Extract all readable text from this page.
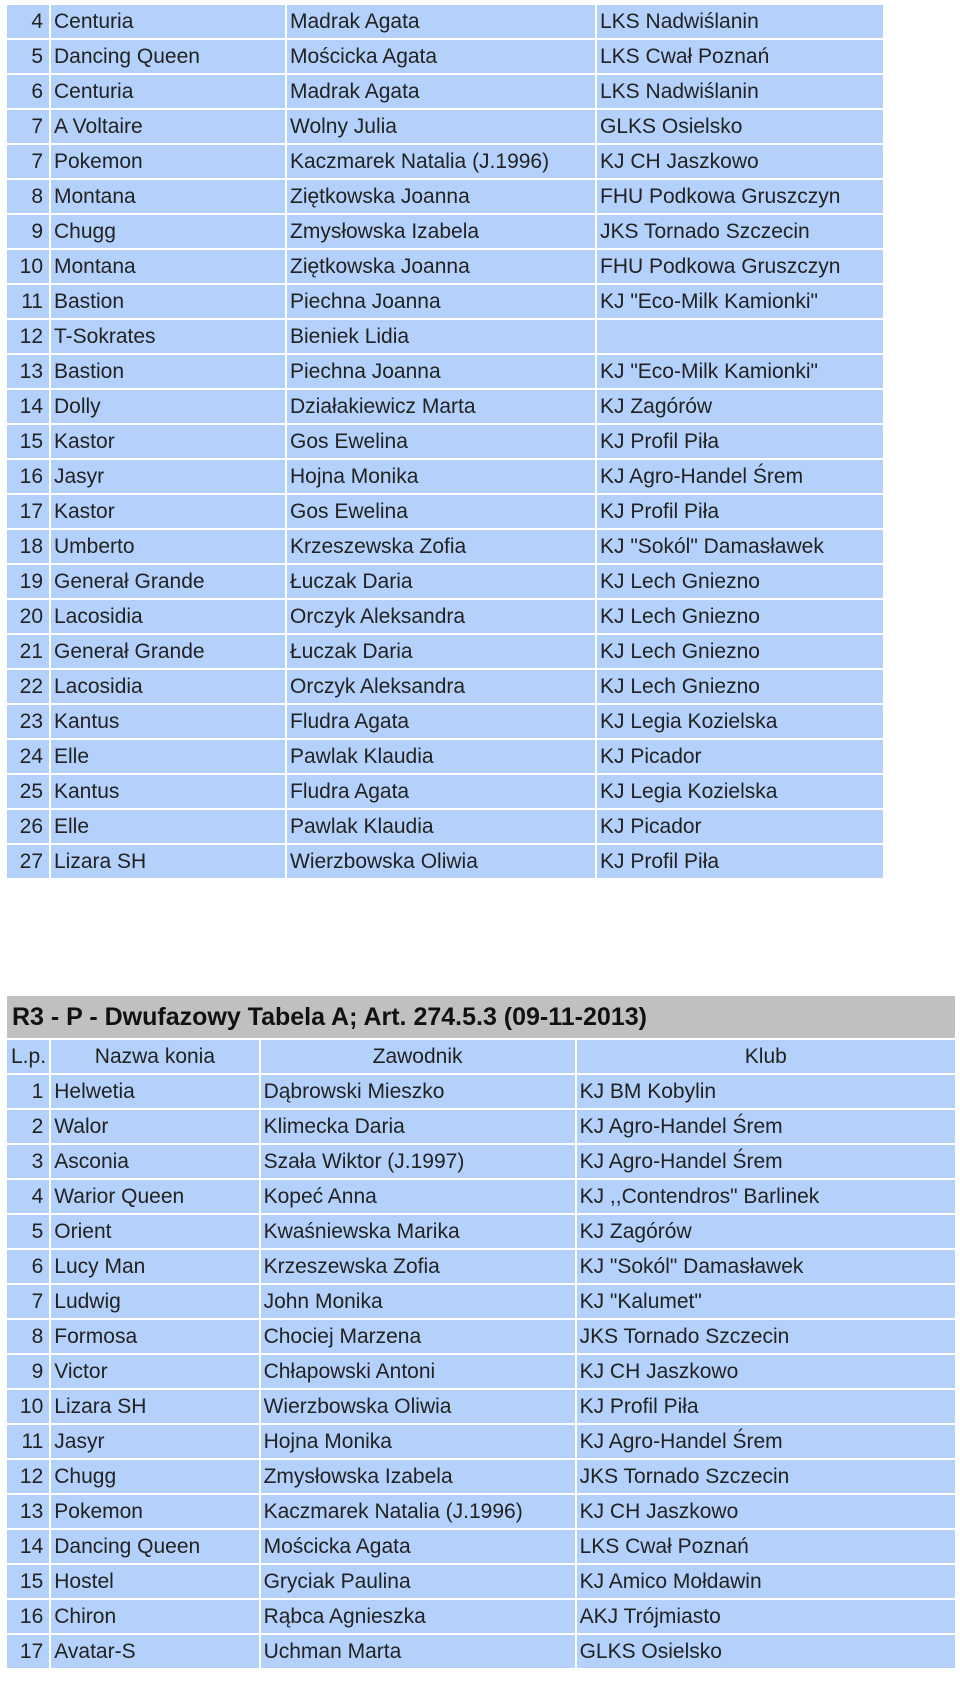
4	Centuria	Madrak Agata	LKS Nadwiślanin
5	Dancing Queen	Mościcka Agata	LKS Cwał Poznań
6	Centuria	Madrak Agata	LKS Nadwiślanin
7	A Voltaire	Wolny Julia	GLKS Osielsko
7	Pokemon	Kaczmarek Natalia (J.1996)	KJ CH Jaszkowo
8	Montana	Ziętkowska Joanna	FHU Podkowa Gruszczyn
9	Chugg	Zmysłowska Izabela	JKS Tornado Szczecin
10	Montana	Ziętkowska Joanna	FHU Podkowa Gruszczyn
11	Bastion	Piechna Joanna	KJ "Eco-Milk Kamionki"
12	T-Sokrates	Bieniek Lidia	
13	Bastion	Piechna Joanna	KJ "Eco-Milk Kamionki"
14	Dolly	Działakiewicz Marta	KJ Zagórów
15	Kastor	Gos Ewelina	KJ Profil Piła
16	Jasyr	Hojna Monika	KJ Agro-Handel Śrem
17	Kastor	Gos Ewelina	KJ Profil Piła
18	Umberto	Krzeszewska Zofia	KJ "Sokól" Damasławek
19	Generał Grande	Łuczak Daria	KJ Lech Gniezno
20	Lacosidia	Orczyk Aleksandra	KJ Lech Gniezno
21	Generał Grande	Łuczak Daria	KJ Lech Gniezno
22	Lacosidia	Orczyk Aleksandra	KJ Lech Gniezno
23	Kantus	Fludra Agata	KJ Legia Kozielska
24	Elle	Pawlak Klaudia	KJ Picador
25	Kantus	Fludra Agata	KJ Legia Kozielska
26	Elle	Pawlak Klaudia	KJ Picador
27	Lizara SH	Wierzbowska Oliwia	KJ Profil Piła
R3 - P - Dwufazowy Tabela A; Art. 274.5.3 (09-11-2013)			
L.p.	Nazwa konia	Zawodnik	Klub
1	Helwetia	Dąbrowski Mieszko	KJ BM Kobylin
2	Walor	Klimecka Daria	KJ Agro-Handel Śrem
3	Asconia	Szała Wiktor (J.1997)	KJ Agro-Handel Śrem
4	Warior Queen	Kopeć Anna	KJ ,,Contendros" Barlinek
5	Orient	Kwaśniewska Marika	KJ Zagórów
6	Lucy Man	Krzeszewska Zofia	KJ "Sokól" Damasławek
7	Ludwig	John Monika	KJ "Kalumet"
8	Formosa	Chociej Marzena	JKS Tornado Szczecin
9	Victor	Chłapowski Antoni	KJ CH Jaszkowo
10	Lizara SH	Wierzbowska Oliwia	KJ Profil Piła
11	Jasyr	Hojna Monika	KJ Agro-Handel Śrem
12	Chugg	Zmysłowska Izabela	JKS Tornado Szczecin
13	Pokemon	Kaczmarek Natalia (J.1996)	KJ CH Jaszkowo
14	Dancing Queen	Mościcka Agata	LKS Cwał Poznań
15	Hostel	Gryciak Paulina	KJ Amico Mołdawin
16	Chiron	Rąbca Agnieszka	AKJ Trójmiasto
17	Avatar-S	Uchman Marta	GLKS Osielsko
